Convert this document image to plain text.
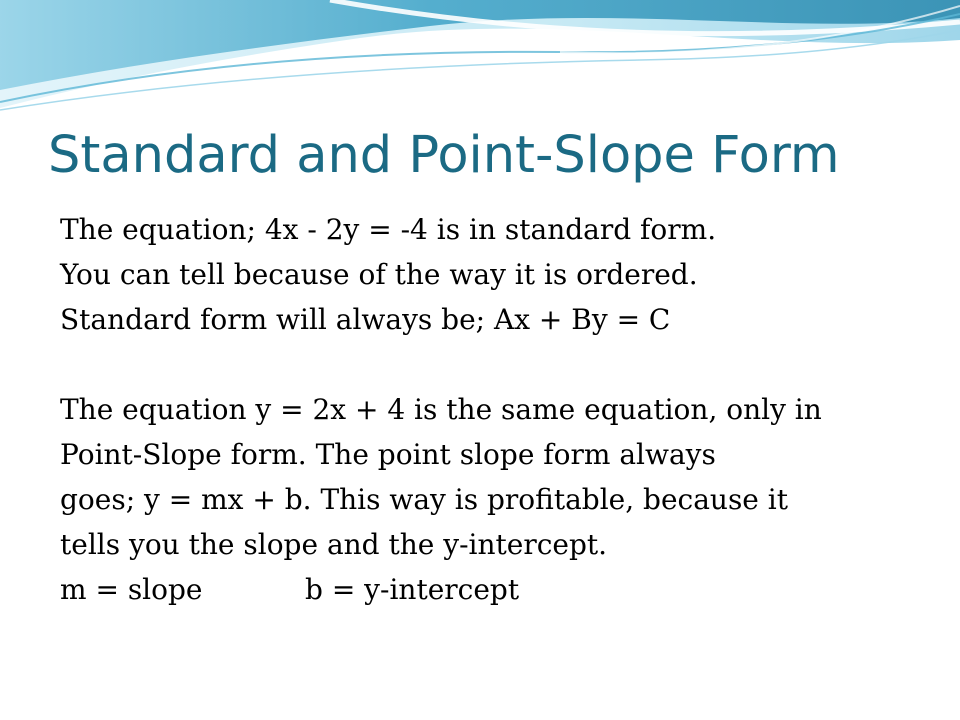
Standard and Point-Slope Form

The equation; 4x - 2y = -4 is in standard form.
You can tell because of the way it is ordered.
Standard form will always be; Ax + By = C

The equation y = 2x + 4 is the same equation, only in
Point-Slope form. The point slope form always
goes; y = mx + b. This way is profitable, because it
tells you the slope and the y-intercept.

m = slope	b = y-intercept
